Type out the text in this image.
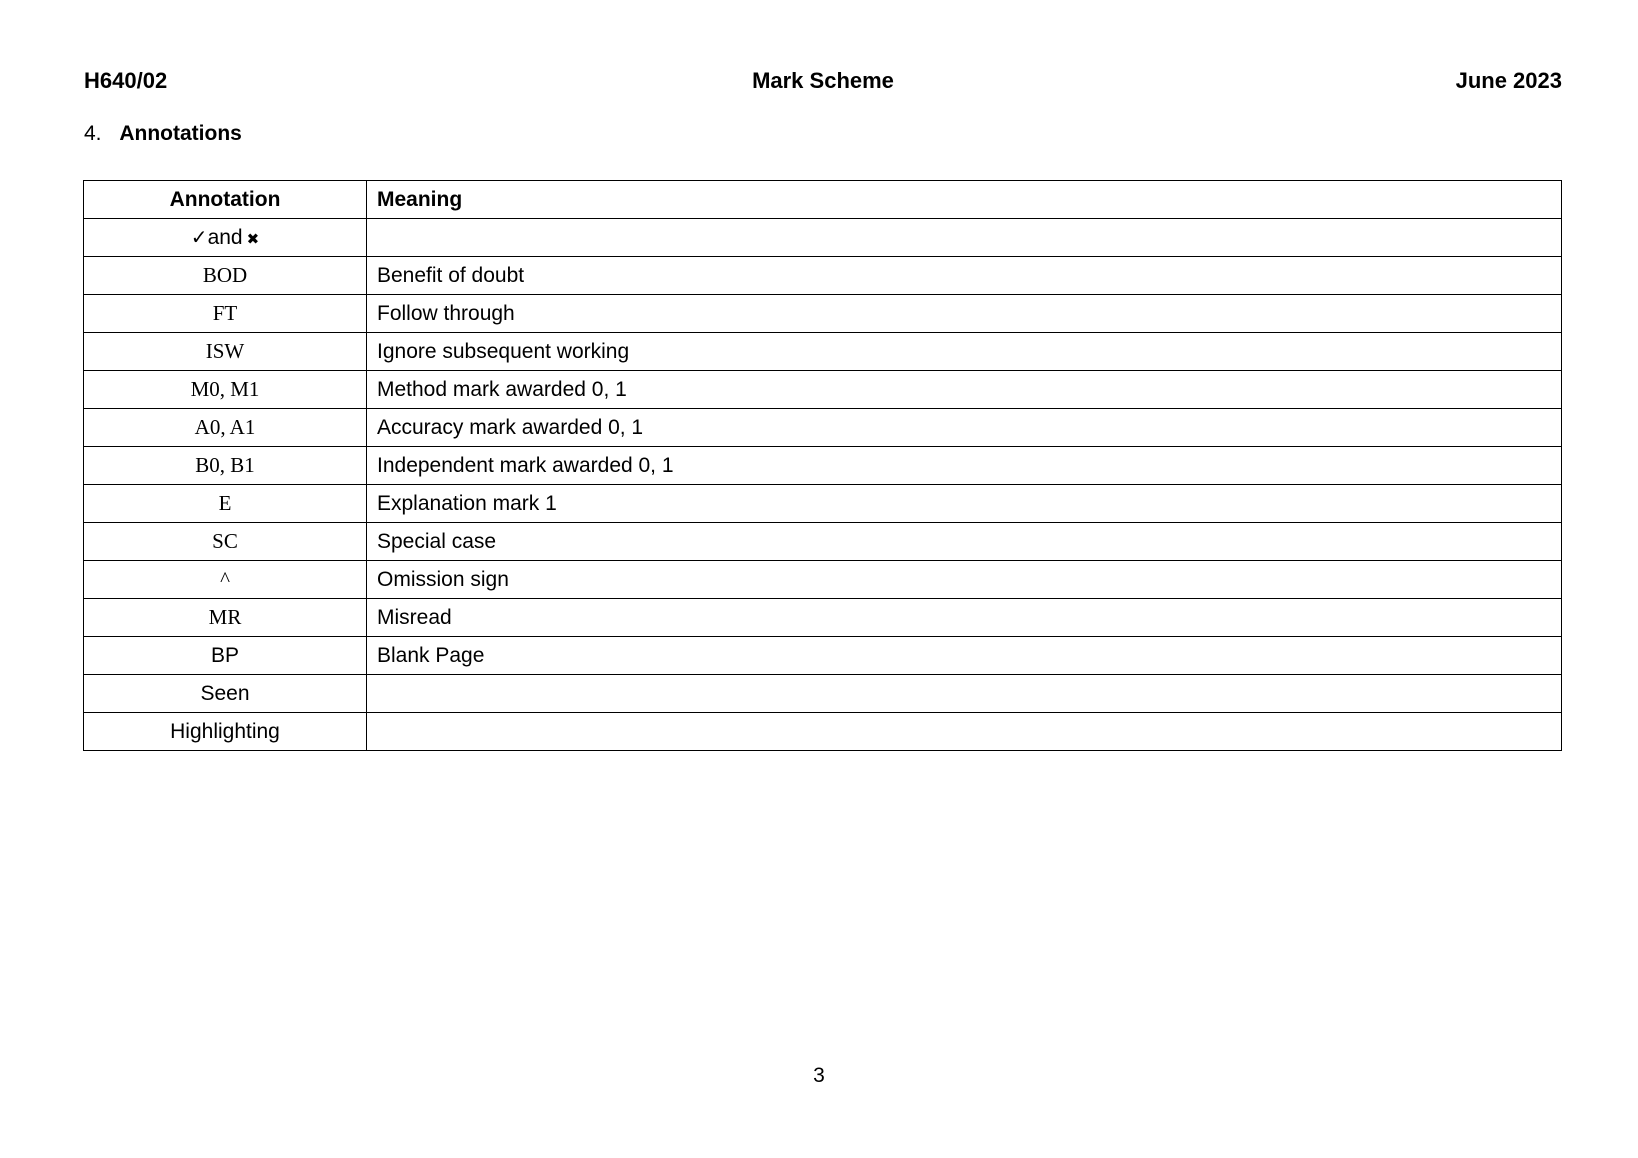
H640/02	Mark Scheme	June 2023
4. Annotations
Annotation	Meaning
✓and ✖	
BOD	Benefit of doubt
FT	Follow through
ISW	Ignore subsequent working
M0, M1	Method mark awarded 0, 1
A0, A1	Accuracy mark awarded 0, 1
B0, B1	Independent mark awarded 0, 1
E	Explanation mark 1
SC	Special case
^	Omission sign
MR	Misread
BP	Blank Page
Seen	
Highlighting	
3
